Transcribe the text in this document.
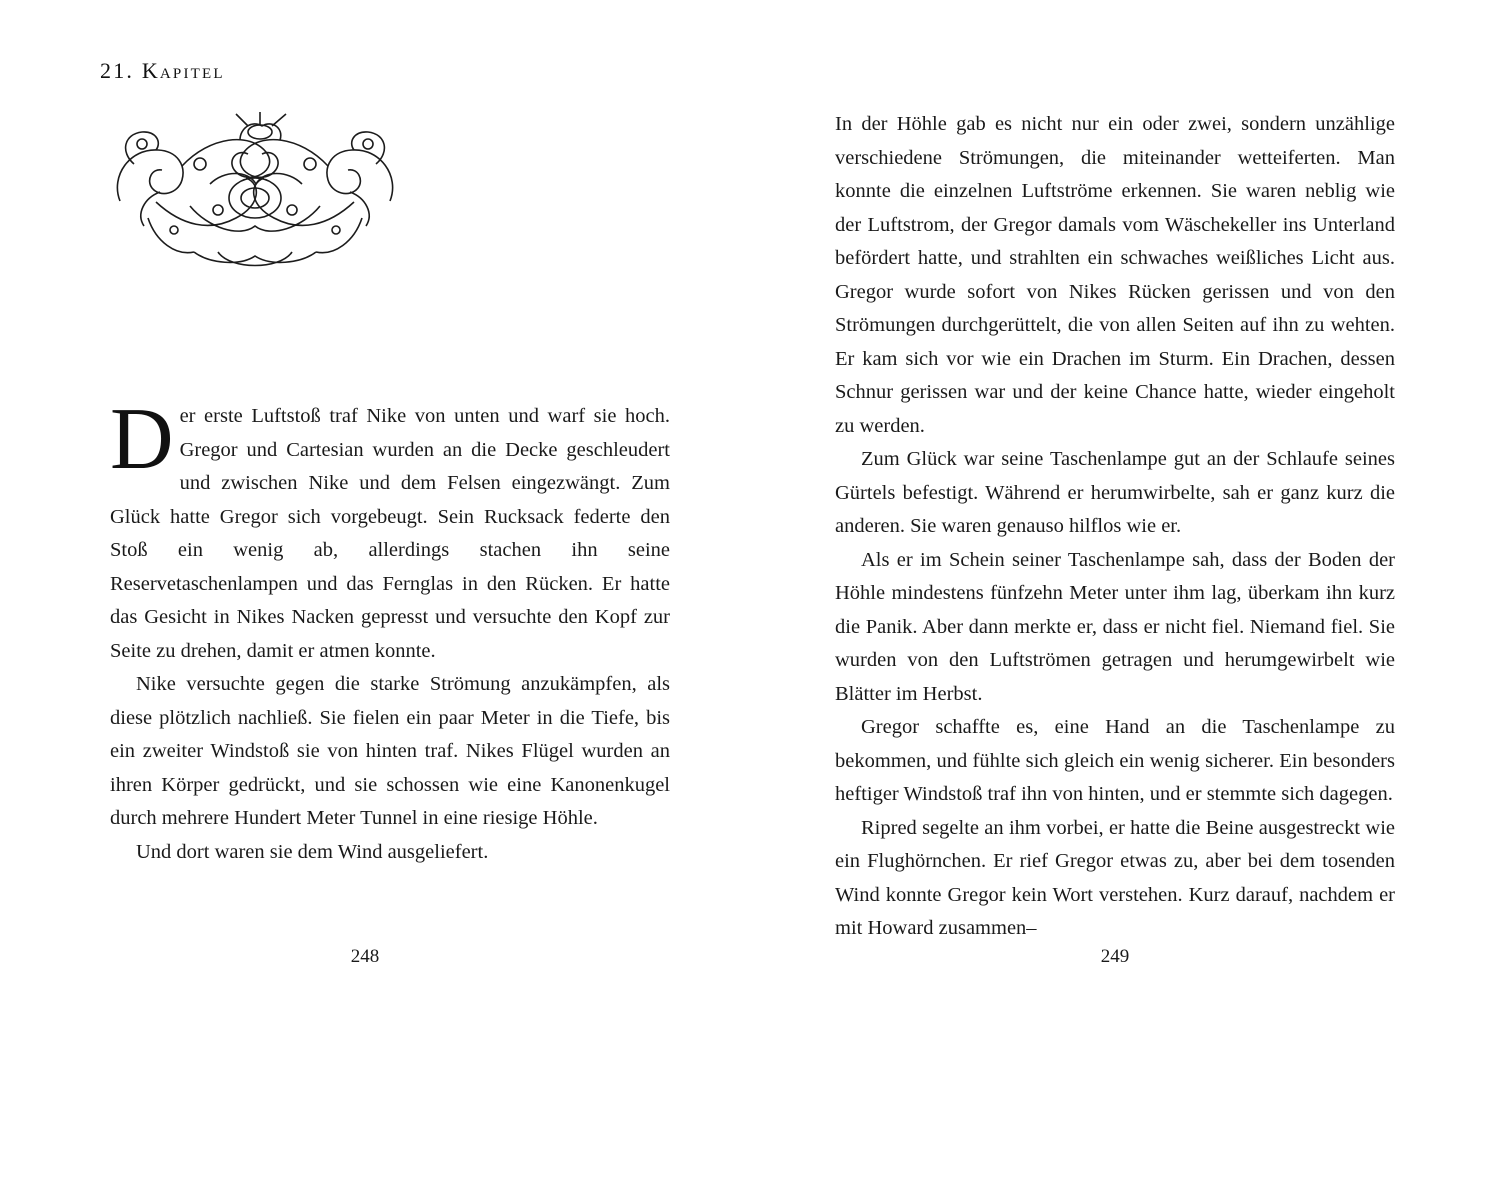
21. Kapitel

Der erste Luftstoß traf Nike von unten und warf sie hoch. Gregor und Cartesian wurden an die Decke geschleudert und zwischen Nike und dem Felsen eingezwängt. Zum Glück hatte Gregor sich vorgebeugt. Sein Rucksack federte den Stoß ein wenig ab, allerdings stachen ihn seine Reservetaschenlampen und das Fernglas in den Rücken. Er hatte das Gesicht in Nikes Nacken gepresst und versuchte den Kopf zur Seite zu drehen, damit er atmen konnte.

Nike versuchte gegen die starke Strömung anzukämpfen, als diese plötzlich nachließ. Sie fielen ein paar Meter in die Tiefe, bis ein zweiter Windstoß sie von hinten traf. Nikes Flügel wurden an ihren Körper gedrückt, und sie schossen wie eine Kanonenkugel durch mehrere Hundert Meter Tunnel in eine riesige Höhle.

Und dort waren sie dem Wind ausgeliefert.

248

In der Höhle gab es nicht nur ein oder zwei, sondern unzählige verschiedene Strömungen, die miteinander wetteiferten. Man konnte die einzelnen Luftströme erkennen. Sie waren neblig wie der Luftstrom, der Gregor damals vom Wäschekeller ins Unterland befördert hatte, und strahlten ein schwaches weißliches Licht aus. Gregor wurde sofort von Nikes Rücken gerissen und von den Strömungen durchgerüttelt, die von allen Seiten auf ihn zu wehten. Er kam sich vor wie ein Drachen im Sturm. Ein Drachen, dessen Schnur gerissen war und der keine Chance hatte, wieder eingeholt zu werden.

Zum Glück war seine Taschenlampe gut an der Schlaufe seines Gürtels befestigt. Während er herumwirbelte, sah er ganz kurz die anderen. Sie waren genauso hilflos wie er.

Als er im Schein seiner Taschenlampe sah, dass der Boden der Höhle mindestens fünfzehn Meter unter ihm lag, überkam ihn kurz die Panik. Aber dann merkte er, dass er nicht fiel. Niemand fiel. Sie wurden von den Luftströmen getragen und herumgewirbelt wie Blätter im Herbst.

Gregor schaffte es, eine Hand an die Taschenlampe zu bekommen, und fühlte sich gleich ein wenig sicherer. Ein besonders heftiger Windstoß traf ihn von hinten, und er stemmte sich dagegen.

Ripred segelte an ihm vorbei, er hatte die Beine ausgestreckt wie ein Flughörnchen. Er rief Gregor etwas zu, aber bei dem tosenden Wind konnte Gregor kein Wort verstehen. Kurz darauf, nachdem er mit Howard zusammen–

249
